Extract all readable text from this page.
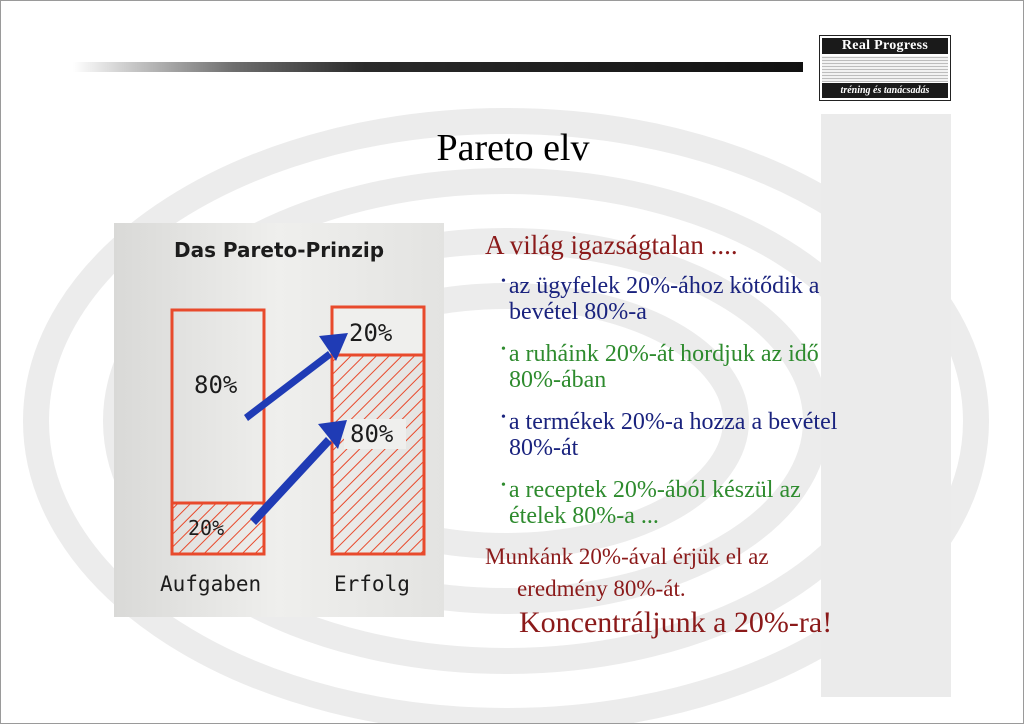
Real Progress
tréning és tanácsadás
Pareto elv
Das Pareto-Prinzip
80%
20%
20%
80%
Aufgaben	Erfolg
A világ igazságtalan ....
• az ügyfelek 20%-ához kötődik a
bevétel 80%-a
• a ruháink 20%-át hordjuk az idő
80%-ában
• a termékek 20%-a hozza a bevétel
80%-át
• a receptek 20%-ából készül az
ételek 80%-a ...
Munkánk 20%-ával érjük el az
eredmény 80%-át.
Koncentráljunk a 20%-ra!
